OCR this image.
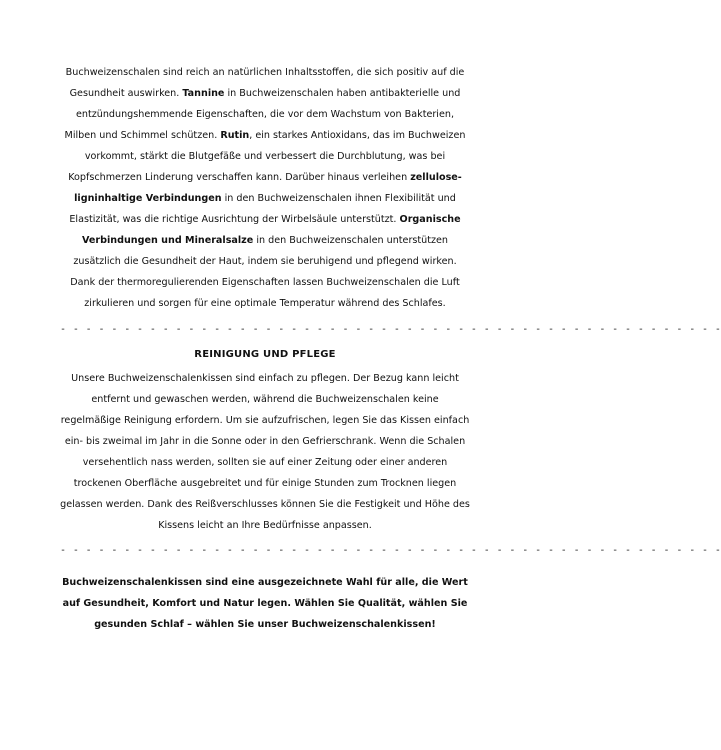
Buchweizenschalen sind reich an natürlichen Inhaltsstoffen, die sich positiv auf die Gesundheit auswirken. Tannine in Buchweizenschalen haben antibakterielle und entzündungshemmende Eigenschaften, die vor dem Wachstum von Bakterien, Milben und Schimmel schützen. Rutin, ein starkes Antioxidans, das im Buchweizen vorkommt, stärkt die Blutgefäße und verbessert die Durchblutung, was bei Kopfschmerzen Linderung verschaffen kann. Darüber hinaus verleihen zellulose-ligninhaltige Verbindungen in den Buchweizenschalen ihnen Flexibilität und Elastizität, was die richtige Ausrichtung der Wirbelsäule unterstützt. Organische Verbindungen und Mineralsalze in den Buchweizenschalen unterstützen zusätzlich die Gesundheit der Haut, indem sie beruhigend und pflegend wirken. Dank der thermoregulierenden Eigenschaften lassen Buchweizenschalen die Luft zirkulieren und sorgen für eine optimale Temperatur während des Schlafes.

- - - - - - - - - - - - - - - - - - - - - - - - - - - - - - - - - - - - - - - - - - - - - - - - - - - -

REINIGUNG UND PFLEGE

Unsere Buchweizenschalenkissen sind einfach zu pflegen. Der Bezug kann leicht entfernt und gewaschen werden, während die Buchweizenschalen keine regelmäßige Reinigung erfordern. Um sie aufzufrischen, legen Sie das Kissen einfach ein- bis zweimal im Jahr in die Sonne oder in den Gefrierschrank. Wenn die Schalen versehentlich nass werden, sollten sie auf einer Zeitung oder einer anderen trockenen Oberfläche ausgebreitet und für einige Stunden zum Trocknen liegen gelassen werden. Dank des Reißverschlusses können Sie die Festigkeit und Höhe des Kissens leicht an Ihre Bedürfnisse anpassen.

- - - - - - - - - - - - - - - - - - - - - - - - - - - - - - - - - - - - - - - - - - - - - - - - - - - -

Buchweizenschalenkissen sind eine ausgezeichnete Wahl für alle, die Wert auf Gesundheit, Komfort und Natur legen. Wählen Sie Qualität, wählen Sie gesunden Schlaf – wählen Sie unser Buchweizenschalenkissen!
